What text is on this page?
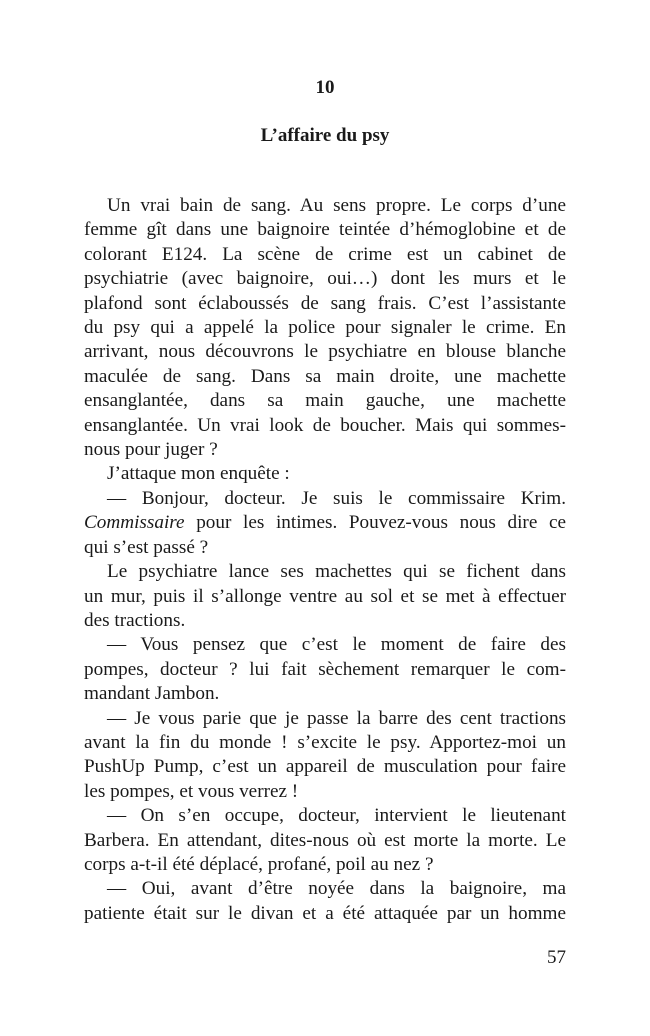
10
L’affaire du psy

Un vrai bain de sang. Au sens propre. Le corps d’une
femme gît dans une baignoire teintée d’hémoglobine et de
colorant E124. La scène de crime est un cabinet de
psychiatrie (avec baignoire, oui…) dont les murs et le
plafond sont éclaboussés de sang frais. C’est l’assistante
du psy qui a appelé la police pour signaler le crime. En
arrivant, nous découvrons le psychiatre en blouse blanche
maculée de sang. Dans sa main droite, une machette
ensanglantée, dans sa main gauche, une machette
ensanglantée. Un vrai look de boucher. Mais qui sommes-
nous pour juger ?

J’attaque mon enquête :

— Bonjour, docteur. Je suis le commissaire Krim.
Commissaire pour les intimes. Pouvez-vous nous dire ce
qui s’est passé ?

Le psychiatre lance ses machettes qui se fichent dans
un mur, puis il s’allonge ventre au sol et se met à effectuer
des tractions.

— Vous pensez que c’est le moment de faire des
pompes, docteur ? lui fait sèchement remarquer le com-
mandant Jambon.

— Je vous parie que je passe la barre des cent tractions
avant la fin du monde ! s’excite le psy. Apportez-moi un
PushUp Pump, c’est un appareil de musculation pour faire
les pompes, et vous verrez !

— On s’en occupe, docteur, intervient le lieutenant
Barbera. En attendant, dites-nous où est morte la morte. Le
corps a-t-il été déplacé, profané, poil au nez ?

— Oui, avant d’être noyée dans la baignoire, ma
patiente était sur le divan et a été attaquée par un homme

57
